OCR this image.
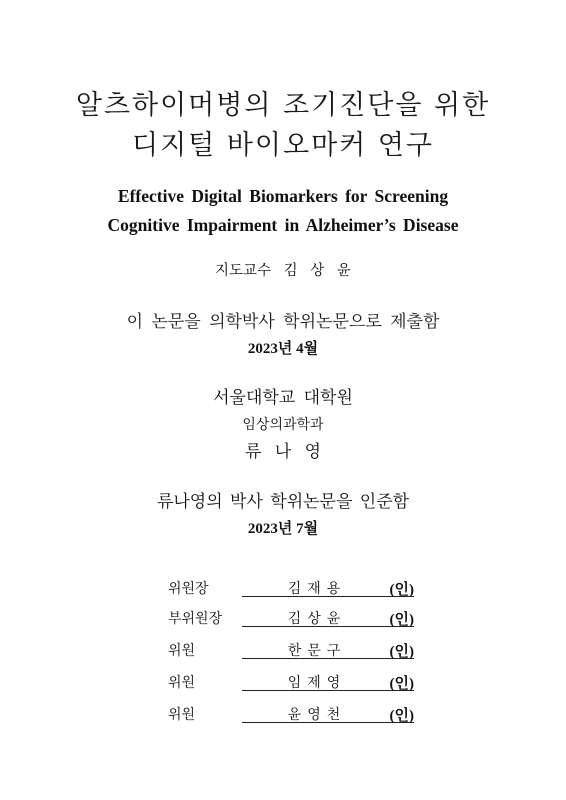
알츠하이머병의 조기진단을 위한
디지털 바이오마커 연구
Effective Digital Biomarkers for Screening
Cognitive Impairment in Alzheimer’s Disease
지도교수 김 상 윤
이 논문을 의학박사 학위논문으로 제출함
2023년 4월
서울대학교 대학원
임상의과학과
류 나 영
류나영의 박사 학위논문을 인준함
2023년 7월
위원장	김재용	(인)
부위원장	김상윤	(인)
위원	한문구	(인)
위원	임제영	(인)
위원	윤영천	(인)
